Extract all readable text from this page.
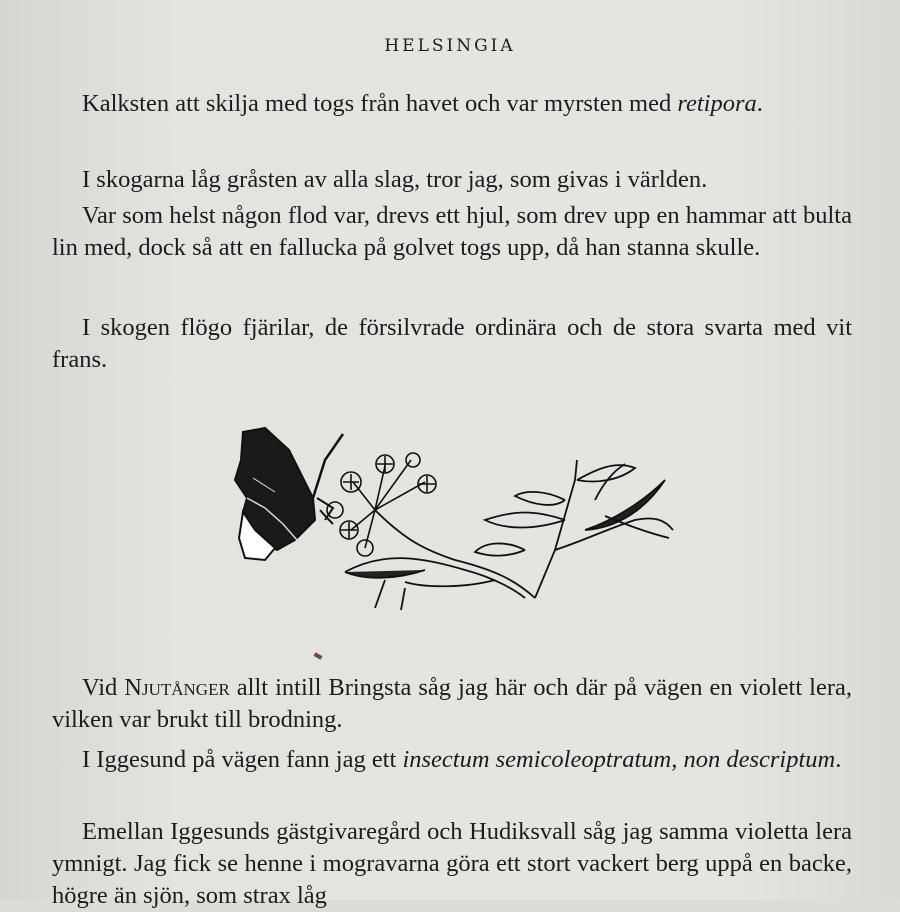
HELSINGIA
Kalksten att skilja med togs från havet och var myrsten med retipora.
I skogarna låg gråsten av alla slag, tror jag, som givas i världen.
Var som helst någon flod var, drevs ett hjul, som drev upp en hammar att bulta lin med, dock så att en fallucka på golvet togs upp, då han stanna skulle.
I skogen flögo fjärilar, de försilvrade ordinära och de stora svarta med vit frans.
Vid Njutånger allt intill Bringsta såg jag här och där på vägen en violett lera, vilken var brukt till brodning.
I Iggesund på vägen fann jag ett insectum semicoleoptratum, non descriptum.
Emellan Iggesunds gästgivaregård och Hudiksvall såg jag samma violetta lera ymnigt. Jag fick se henne i mogravarna göra ett stort vackert berg uppå en backe, högre än sjön, som strax låg
